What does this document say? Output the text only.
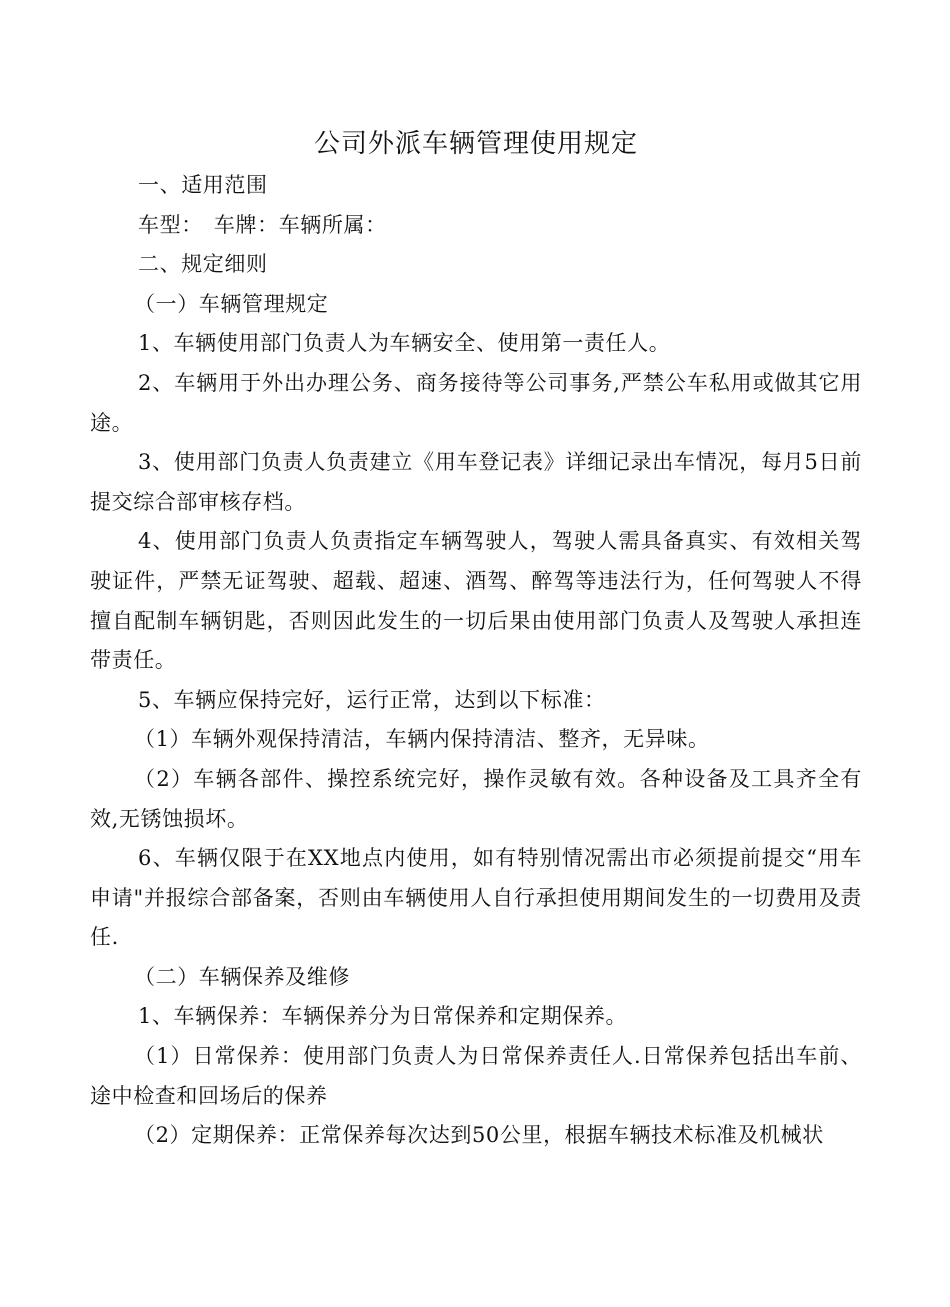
公司外派车辆管理使用规定

一、适用范围

车型：　车牌：车辆所属：

二、规定细则

（一）车辆管理规定

1、车辆使用部门负责人为车辆安全、使用第一责任人。

2、车辆用于外出办理公务、商务接待等公司事务,严禁公车私用或做其它用途。

3、使用部门负责人负责建立《用车登记表》详细记录出车情况，每月5日前提交综合部审核存档。

4、使用部门负责人负责指定车辆驾驶人，驾驶人需具备真实、有效相关驾驶证件，严禁无证驾驶、超载、超速、酒驾、醉驾等违法行为，任何驾驶人不得擅自配制车辆钥匙，否则因此发生的一切后果由使用部门负责人及驾驶人承担连带责任。

5、车辆应保持完好，运行正常，达到以下标准：

（1）车辆外观保持清洁，车辆内保持清洁、整齐，无异味。

（2）车辆各部件、操控系统完好，操作灵敏有效。各种设备及工具齐全有效,无锈蚀损坏。

6、车辆仅限于在XX地点内使用，如有特别情况需出市必须提前提交“用车申请"并报综合部备案，否则由车辆使用人自行承担使用期间发生的一切费用及责任.

（二）车辆保养及维修

1、车辆保养：车辆保养分为日常保养和定期保养。

（1）日常保养：使用部门负责人为日常保养责任人.日常保养包括出车前、途中检查和回场后的保养

（2）定期保养：正常保养每次达到50公里，根据车辆技术标准及机械状
